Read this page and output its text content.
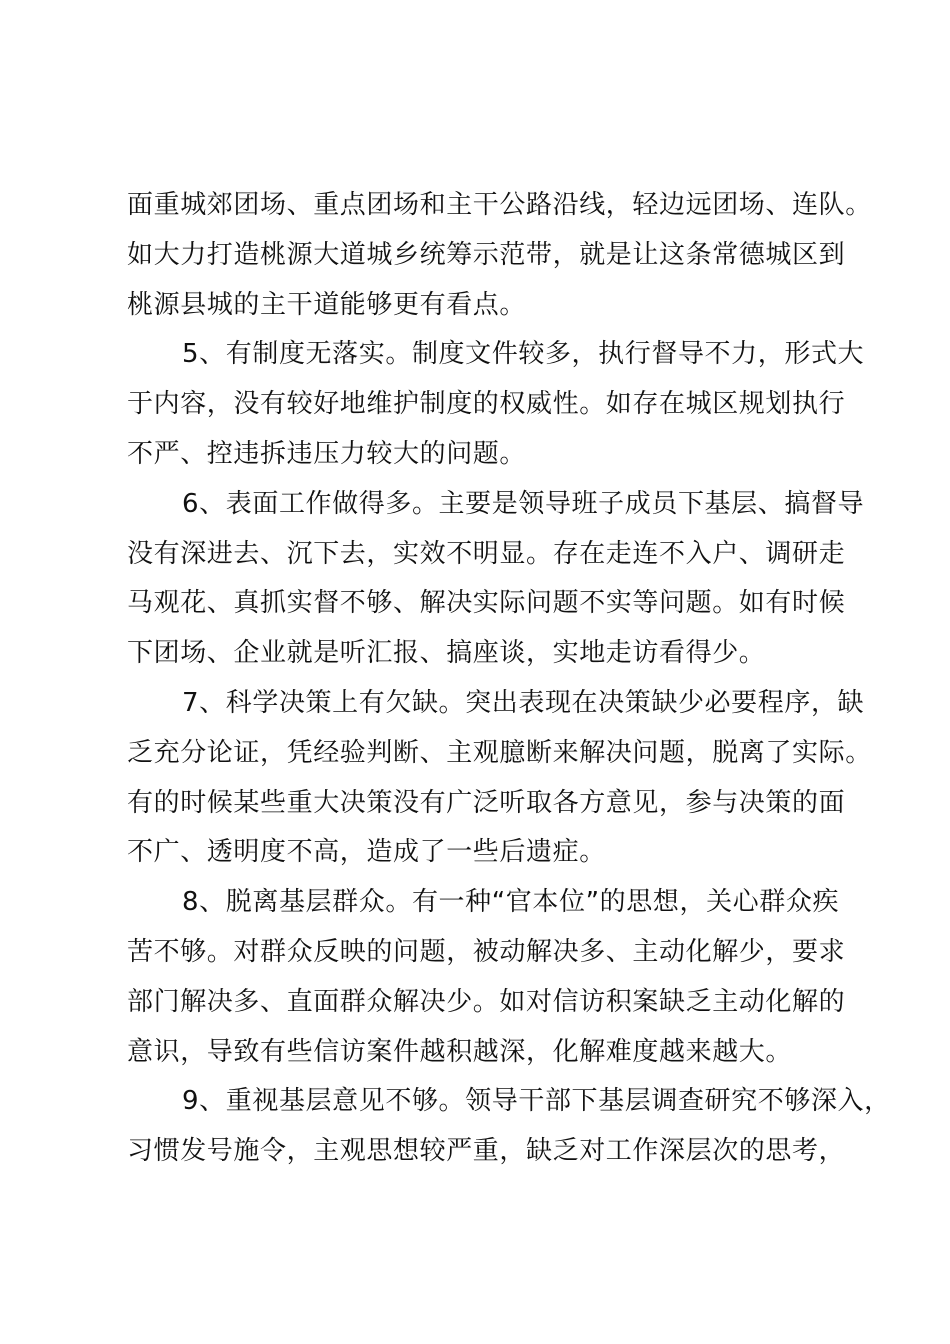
面重城郊团场、重点团场和主干公路沿线，轻边远团场、连队。
如大力打造桃源大道城乡统筹示范带，就是让这条常德城区到
桃源县城的主干道能够更有看点。
5、有制度无落实。制度文件较多，执行督导不力，形式大
于内容，没有较好地维护制度的权威性。如存在城区规划执行
不严、控违拆违压力较大的问题。
6、表面工作做得多。主要是领导班子成员下基层、搞督导
没有深进去、沉下去，实效不明显。存在走连不入户、调研走
马观花、真抓实督不够、解决实际问题不实等问题。如有时候
下团场、企业就是听汇报、搞座谈，实地走访看得少。
7、科学决策上有欠缺。突出表现在决策缺少必要程序，缺
乏充分论证，凭经验判断、主观臆断来解决问题，脱离了实际。
有的时候某些重大决策没有广泛听取各方意见，参与决策的面
不广、透明度不高，造成了一些后遗症。
8、脱离基层群众。有一种“官本位”的思想，关心群众疾
苦不够。对群众反映的问题，被动解决多、主动化解少，要求
部门解决多、直面群众解决少。如对信访积案缺乏主动化解的
意识，导致有些信访案件越积越深，化解难度越来越大。
9、重视基层意见不够。领导干部下基层调查研究不够深入，
习惯发号施令，主观思想较严重，缺乏对工作深层次的思考，
